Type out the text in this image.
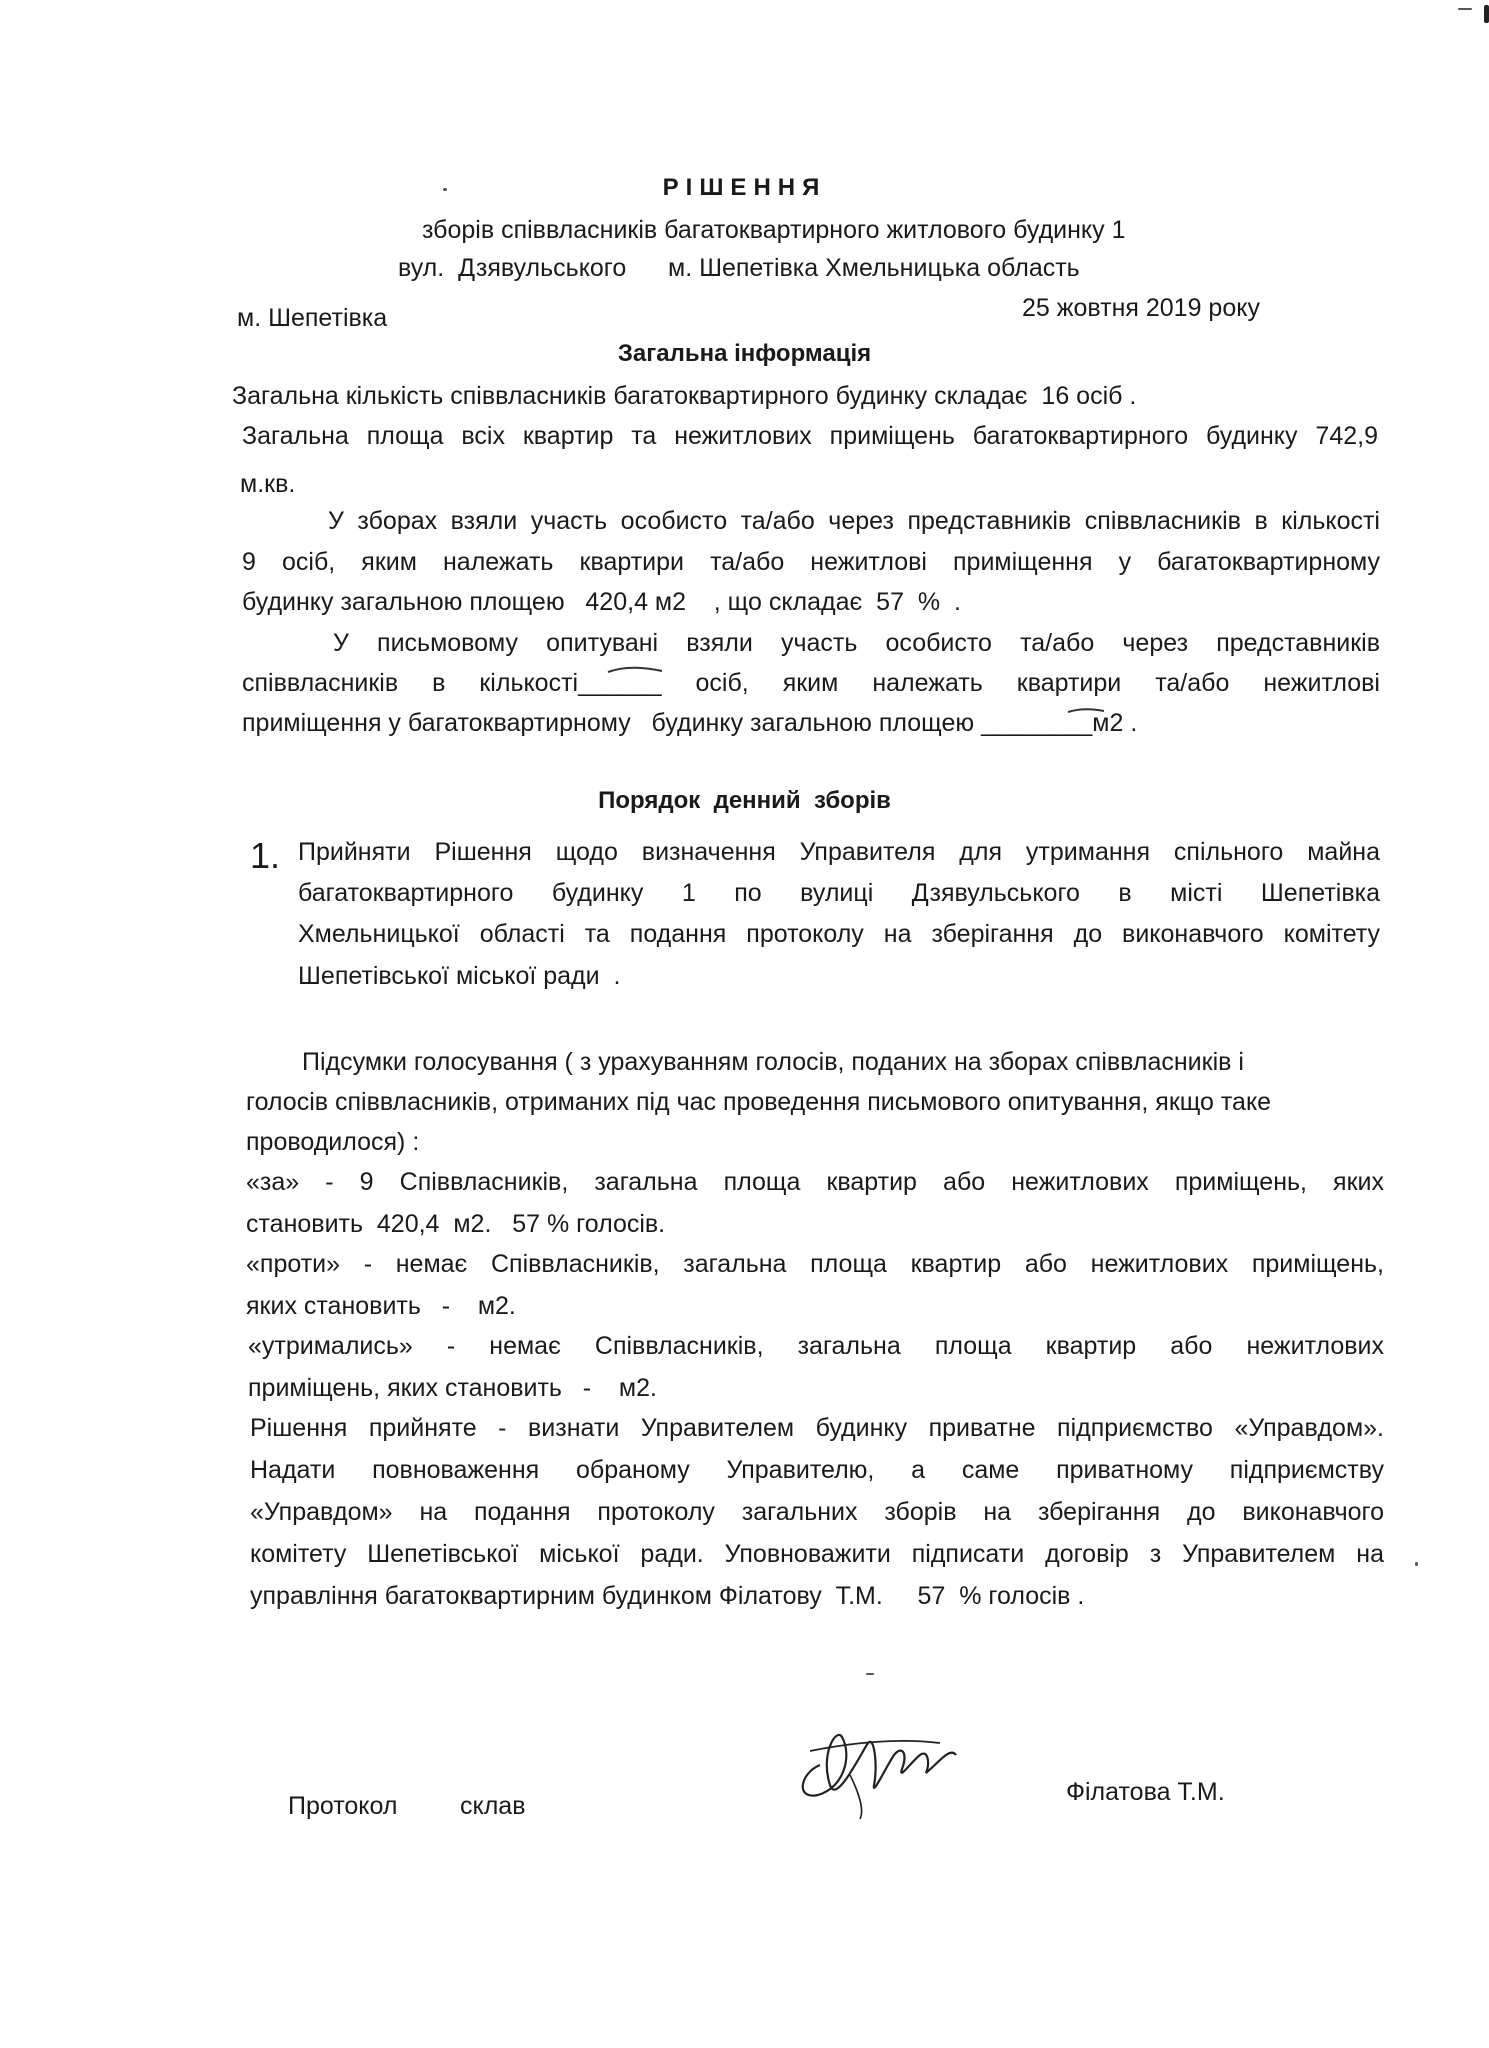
РІШЕННЯ
зборів співвласників багатоквартирного житлового будинку 1
вул.  Дзявульського м. Шепетівка Хмельницька область
м. Шепетівка	25 жовтня 2019 року
Загальна інформація
Загальна кількість співвласників багатоквартирного будинку складає  16 осіб .
Загальна площа всіх квартир та нежитлових приміщень багатоквартирного будинку 742,9
м.кв.
У зборах взяли участь особисто та/або через представників співвласників в кількості
9 осіб, яким належать квартири та/або нежитлові приміщення у багатоквартирному
будинку загальною площею   420,4 м2    , що складає  57  %  .
У письмовому опитувані взяли участь особисто та/або через представників
співвласників в кількості______ осіб, яким належать квартири та/або нежитлові
приміщення у багатоквартирному   будинку загальною площею ________м2 .
Порядок  денний  зборів
1. Прийняти Рішення щодо визначення Управителя для утримання спільного майна
багатоквартирного будинку 1 по вулиці Дзявульського в місті Шепетівка
Хмельницької області та подання протоколу на зберігання до виконавчого комітету
Шепетівської міської ради  .
Підсумки голосування ( з урахуванням голосів, поданих на зборах співвласників і
голосів співвласників, отриманих під час проведення письмового опитування, якщо таке
проводилося) :
«за» - 9 Співвласників, загальна площа квартир або нежитлових приміщень, яких
становить  420,4  м2.   57 % голосів.
«проти» - немає Співвласників, загальна площа квартир або нежитлових приміщень,
яких становить   -    м2.
«утримались» - немає Співвласників, загальна площа квартир або нежитлових
приміщень, яких становить   -    м2.
Рішення прийняте - визнати Управителем будинку приватне підприємство «Управдом».
Надати повноваження обраному Управителю, а саме приватному підприємству
«Управдом» на подання протоколу загальних зборів на зберігання до виконавчого
комітету Шепетівської міської ради. Уповноважити підписати договір з Управителем на
управління багатоквартирним будинком Філатову  Т.М.     57  % голосів .
Протокол	склав	Філатова Т.М.
